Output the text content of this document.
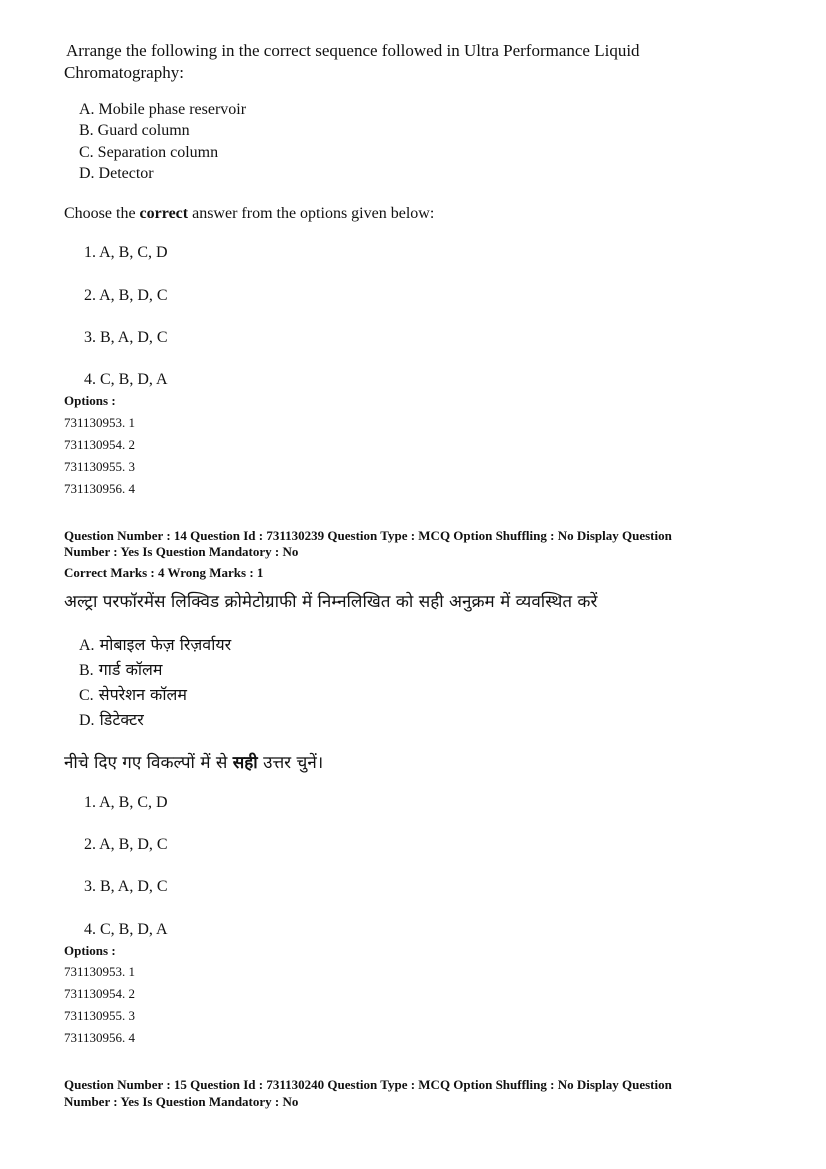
Arrange the following in the correct sequence followed in Ultra Performance Liquid
Chromatography:
A. Mobile phase reservoir
B. Guard column
C. Separation column
D. Detector
Choose the correct answer from the options given below:
1. A, B, C, D
2. A, B, D, C
3. B, A, D, C
4. C, B, D, A
Options :
731130953. 1
731130954. 2
731130955. 3
731130956. 4
Question Number : 14 Question Id : 731130239 Question Type : MCQ Option Shuffling : No Display Question
Number : Yes Is Question Mandatory : No
Correct Marks : 4 Wrong Marks : 1
अल्ट्रा परफॉरमेंस लिक्विड क्रोमेटोग्राफी में निम्नलिखित को सही अनुक्रम में व्यवस्थित करें
A. मोबाइल फेज़ रिज़र्वायर
B. गार्ड कॉलम
C. सेपरेशन कॉलम
D. डिटेक्टर
नीचे दिए गए विकल्पों में से सही उत्तर चुनें।
1. A, B, C, D
2. A, B, D, C
3. B, A, D, C
4. C, B, D, A
Options :
731130953. 1
731130954. 2
731130955. 3
731130956. 4
Question Number : 15 Question Id : 731130240 Question Type : MCQ Option Shuffling : No Display Question
Number : Yes Is Question Mandatory : No
